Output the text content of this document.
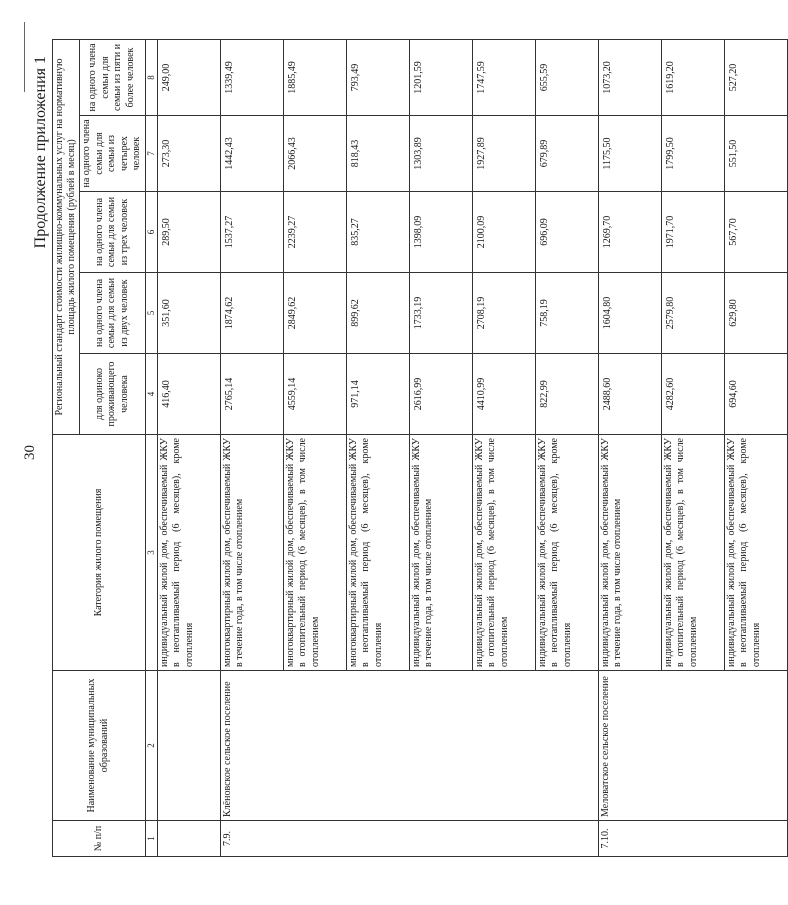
30
Продолжение приложения 1
№ п/п	Наименование муниципальных образований	Категория жилого помещения	Региональный стандарт стоимости жилищно-коммунальных услуг на нормативную площадь жилого помещения (рублей в месяц)				
			для одиноко проживающего человека	на одного члена семьи для семьи из двух человек	на одного члена семьи для семьи из трех человек	на одного члена семьи для семьи из четырех человек	на одного члена семьи для семьи из пяти и более человек
1	2	3	4	5	6	7	8
		индивидуальный жилой дом, обеспечиваемый ЖКУ в неотапливаемый период (6 месяцев), кроме отопления	416,40	351,60	289,50	273,30	249,00
7.9.	Клёновское сельское поселение	многоквартирный жилой дом, обеспечиваемый ЖКУ в течение года, в том числе отоплением	2765,14	1874,62	1537,27	1442,43	1339,49
		многоквартирный жилой дом, обеспечиваемый ЖКУ в отопительный период (6 месяцев), в том числе отоплением	4559,14	2849,62	2239,27	2066,43	1885,49
		многоквартирный жилой дом, обеспечиваемый ЖКУ в неотапливаемый период (6 месяцев), кроме отопления	971,14	899,62	835,27	818,43	793,49
		индивидуальный жилой дом, обеспечиваемый ЖКУ в течение года, в том числе отоплением	2616,99	1733,19	1398,09	1303,89	1201,59
		индивидуальный жилой дом, обеспечиваемый ЖКУ в отопительный период (6 месяцев), в том числе отоплением	4410,99	2708,19	2100,09	1927,89	1747,59
		индивидуальный жилой дом, обеспечиваемый ЖКУ в неотапливаемый период (6 месяцев), кроме отопления	822,99	758,19	696,09	679,89	655,59
7.10.	Меловатское сельское поселение	индивидуальный жилой дом, обеспечиваемый ЖКУ в течение года, в том числе отоплением	2488,60	1604,80	1269,70	1175,50	1073,20
		индивидуальный жилой дом, обеспечиваемый ЖКУ в отопительный период (6 месяцев), в том числе отоплением	4282,60	2579,80	1971,70	1799,50	1619,20
		индивидуальный жилой дом, обеспечиваемый ЖКУ в неотапливаемый период (6 месяцев), кроме отопления	694,60	629,80	567,70	551,50	527,20
